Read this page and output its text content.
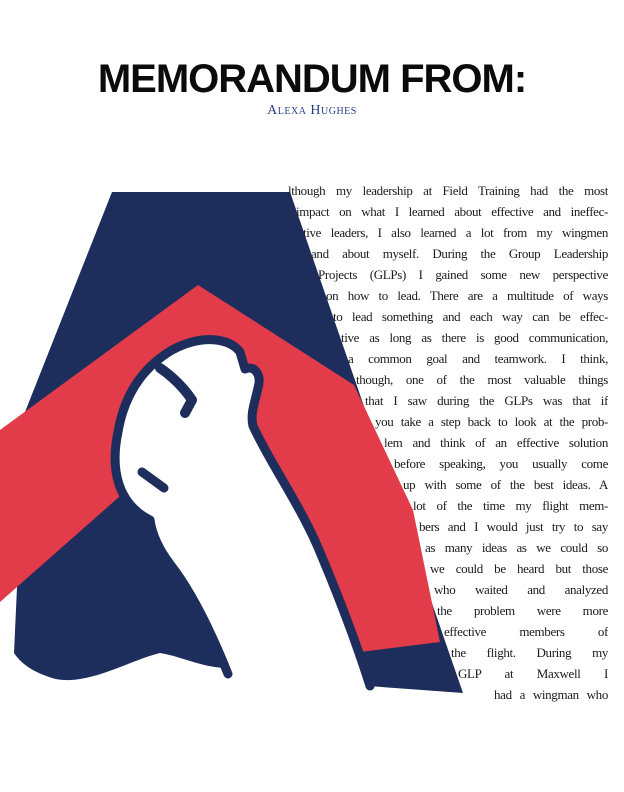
MEMORANDUM FROM:
Alexa Hughes
lthough my leadership at Field Training had the most
impact on what I learned about effective and ineffec-
tive leaders, I also learned a lot from my wingmen
and about myself. During the Group Leadership
Projects (GLPs) I gained some new perspective
on how to lead. There are a multitude of ways
to lead something and each way can be effec-
tive as long as there is good communication,
a common goal and teamwork. I think,
though, one of the most valuable things
that I saw during the GLPs was that if
you take a step back to look at the prob-
lem and think of an effective solution
before speaking, you usually come
up with some of the best ideas. A
lot of the time my flight mem-
bers and I would just try to say
as many ideas as we could so
we could be heard but those
who waited and analyzed
the problem were more
effective members of
the flight. During my
GLP at Maxwell I
had a wingman who
